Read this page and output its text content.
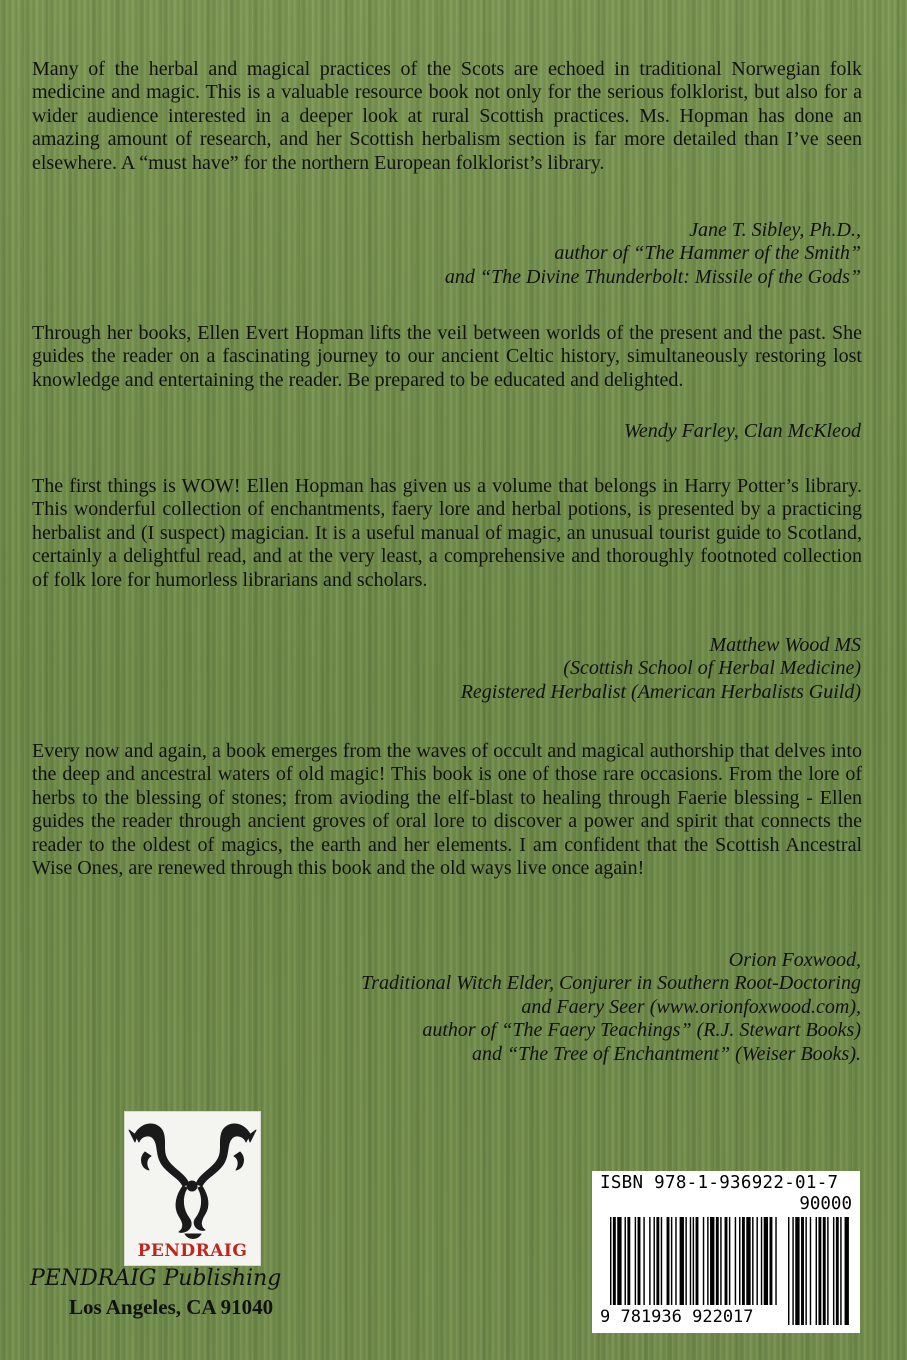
Many of the herbal and magical practices of the Scots are echoed in traditional Norwegian folk medicine and magic. This is a valuable resource book not only for the serious folklorist, but also for a wider audience interested in a deeper look at rural Scottish practices. Ms. Hopman has done an amazing amount of research, and her Scottish herbalism section is far more detailed than I’ve seen elsewhere. A “must have” for the northern European folklorist’s library.

Jane T. Sibley, Ph.D.,
author of “The Hammer of the Smith”
and “The Divine Thunderbolt: Missile of the Gods”

Through her books, Ellen Evert Hopman lifts the veil between worlds of the present and the past. She guides the reader on a fascinating journey to our ancient Celtic history, simultaneously restoring lost knowledge and entertaining the reader. Be prepared to be educated and delighted.

Wendy Farley, Clan McKleod

The first things is WOW! Ellen Hopman has given us a volume that belongs in Harry Potter’s library. This wonderful collection of enchantments, faery lore and herbal potions, is presented by a practicing herbalist and (I suspect) magician. It is a useful manual of magic, an unusual tourist guide to Scotland, certainly a delightful read, and at the very least, a comprehensive and thoroughly footnoted collection of folk lore for humorless librarians and scholars.

Matthew Wood MS
(Scottish School of Herbal Medicine)
Registered Herbalist (American Herbalists Guild)

Every now and again, a book emerges from the waves of occult and magical authorship that delves into the deep and ancestral waters of old magic! This book is one of those rare occasions. From the lore of herbs to the blessing of stones; from avioding the elf-blast to healing through Faerie blessing - Ellen guides the reader through ancient groves of oral lore to discover a power and spirit that connects the reader to the oldest of magics, the earth and her elements. I am confident that the Scottish Ancestral Wise Ones, are renewed through this book and the old ways live once again!

Orion Foxwood,
Traditional Witch Elder, Conjurer in Southern Root-Doctoring
and Faery Seer (www.orionfoxwood.com),
author of “The Faery Teachings” (R.J. Stewart Books)
and “The Tree of Enchantment” (Weiser Books).
PENDRAIG
PENDRAIG Publishing
Los Angeles, CA 91040
ISBN 978-1-936922-01-7
90000
9 781936 922017
